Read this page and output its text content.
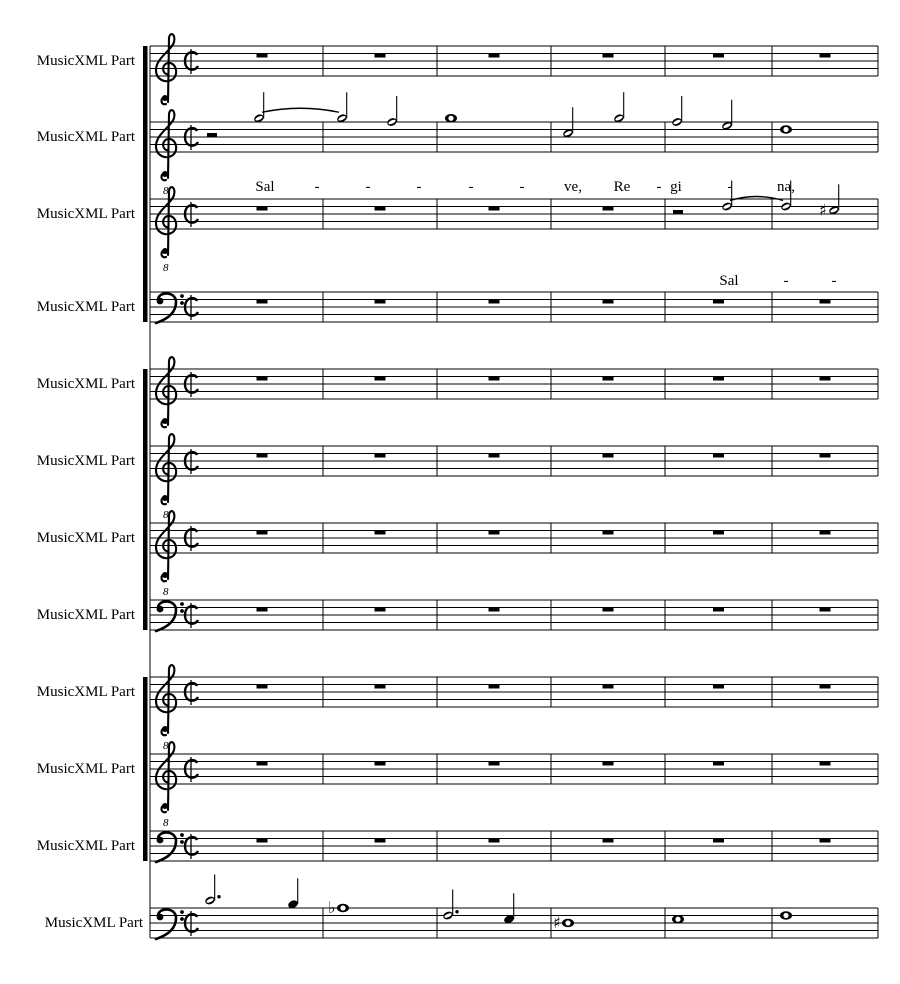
MusicXML Part
MusicXML Part
8
MusicXML Part
8
MusicXML Part
MusicXML Part
MusicXML Part
8
MusicXML Part
8
MusicXML Part
MusicXML Part
8
MusicXML Part
8
MusicXML Part
MusicXML Part
♯
♭
♯
Sal	-	-	-	-	-	ve, Re - gi	-	na,
Sal	-	-
